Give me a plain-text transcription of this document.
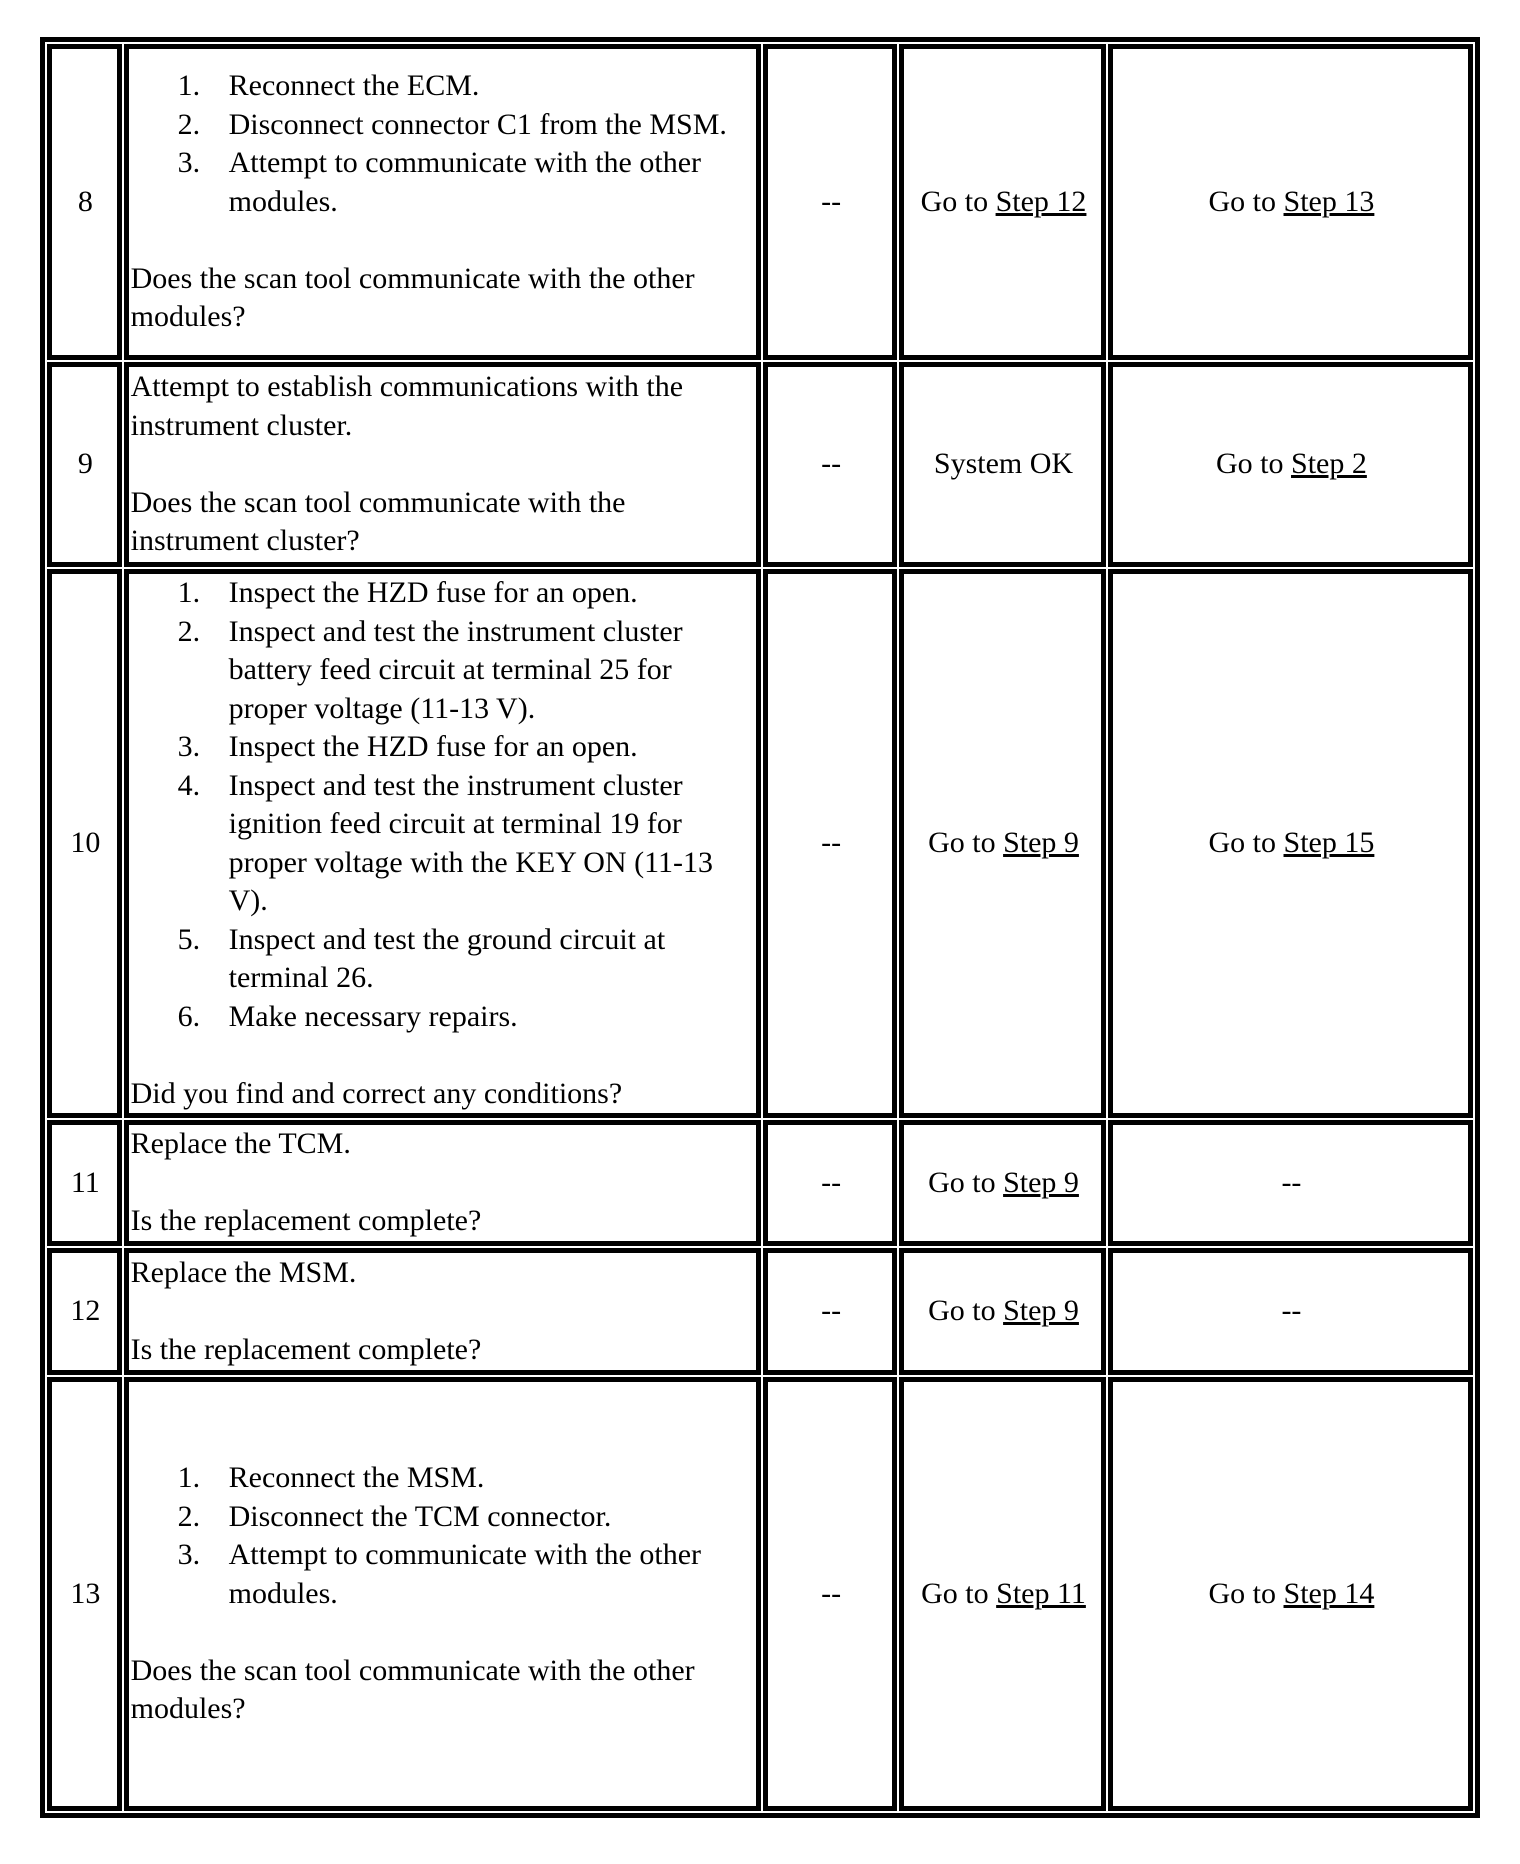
8	
1. Reconnect the ECM.
2. Disconnect connector C1 from the MSM.
3. Attempt to communicate with the other modules.
Does the scan tool communicate with the other modules?
	--	Go to Step 12	Go to Step 13
9	Attempt to establish communications with the instrument cluster.
Does the scan tool communicate with the instrument cluster?	--	System OK	Go to Step 2
10	
1. Inspect the HZD fuse for an open.
2. Inspect and test the instrument cluster battery feed circuit at terminal 25 for proper voltage (11-13 V).
3. Inspect the HZD fuse for an open.
4. Inspect and test the instrument cluster ignition feed circuit at terminal 19 for proper voltage with the KEY ON (11-13 V).
5. Inspect and test the ground circuit at terminal 26.
6. Make necessary repairs.
Did you find and correct any conditions?
	--	Go to Step 9	Go to Step 15
11	Replace the TCM.
Is the replacement complete?	--	Go to Step 9	--
12	Replace the MSM.
Is the replacement complete?	--	Go to Step 9	--
13	
1. Reconnect the MSM.
2. Disconnect the TCM connector.
3. Attempt to communicate with the other modules.
Does the scan tool communicate with the other modules?
	--	Go to Step 11	Go to Step 14
